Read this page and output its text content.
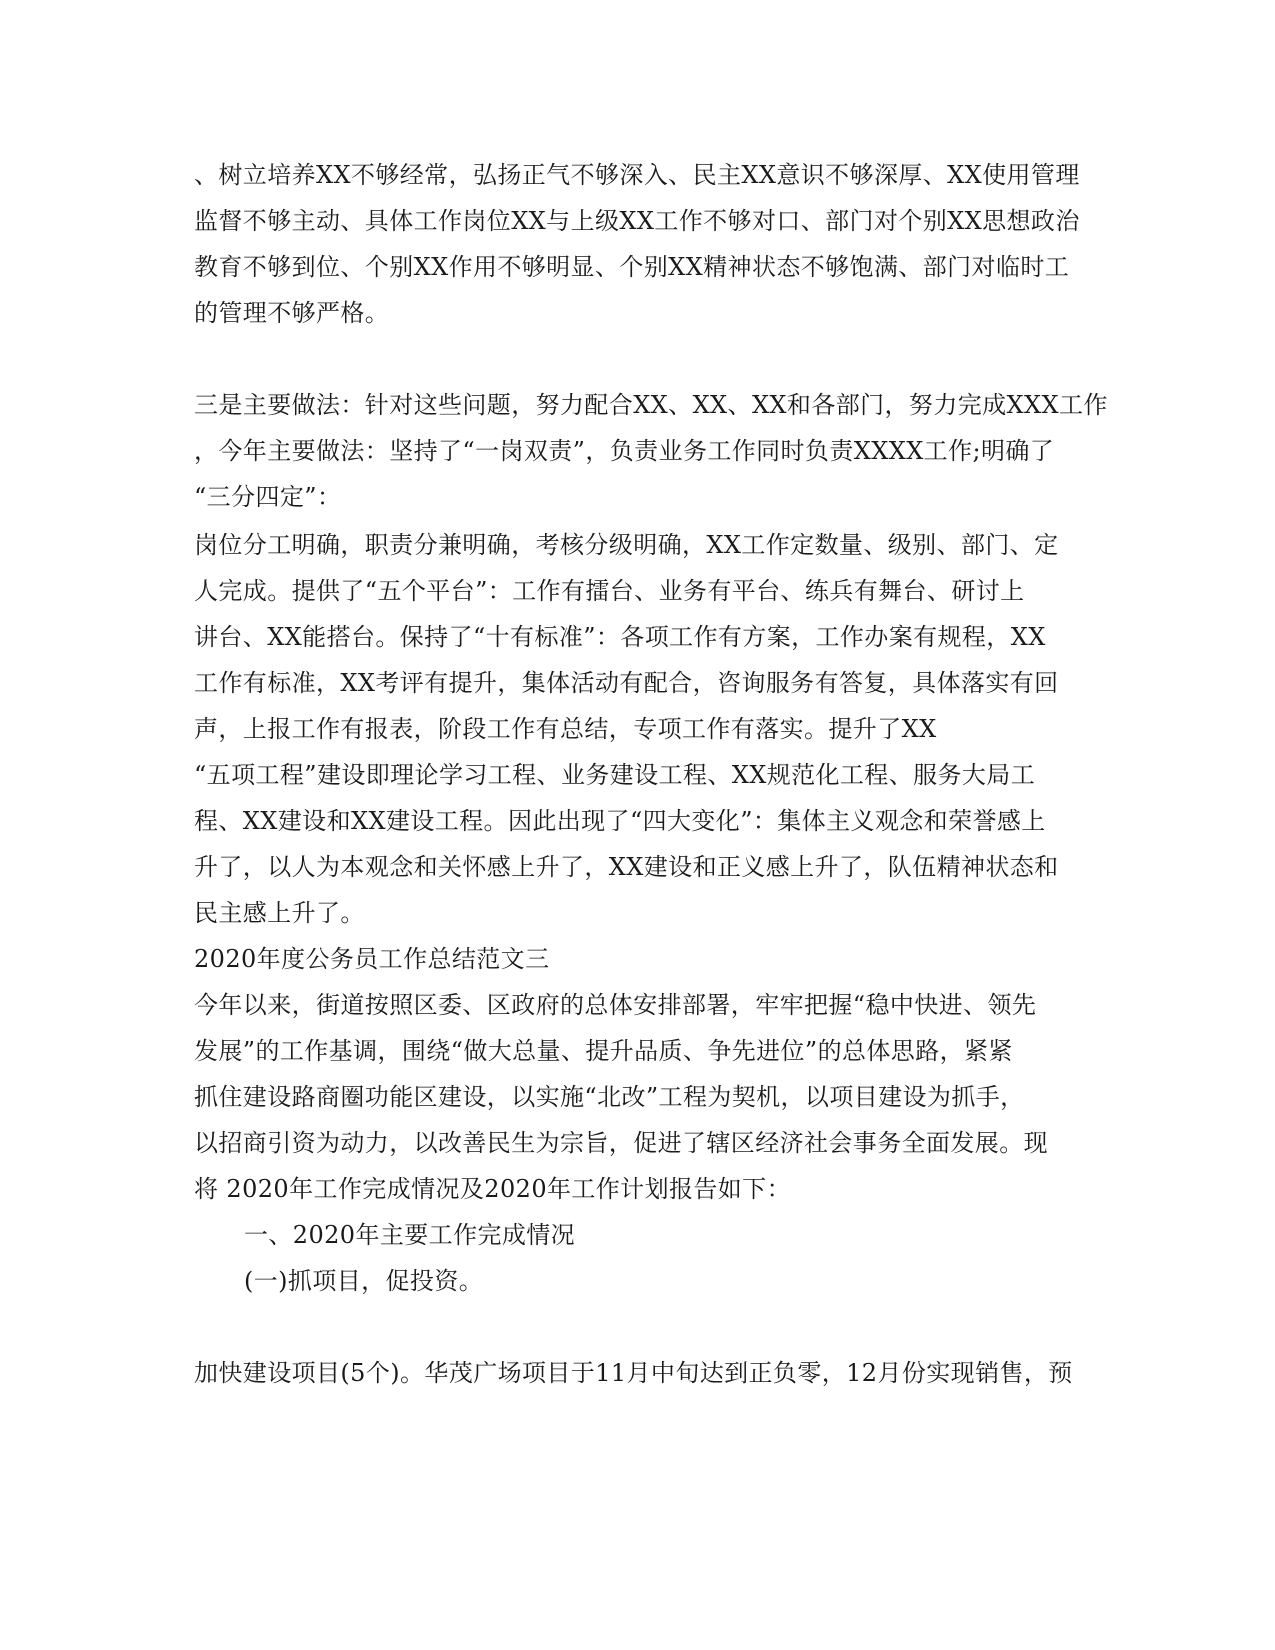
、树立培养XX不够经常，弘扬正气不够深入、民主XX意识不够深厚、XX使用管理
监督不够主动、具体工作岗位XX与上级XX工作不够对口、部门对个别XX思想政治
教育不够到位、个别XX作用不够明显、个别XX精神状态不够饱满、部门对临时工
的管理不够严格。
三是主要做法：针对这些问题，努力配合XX、XX、XX和各部门，努力完成XXX工作
，今年主要做法：坚持了“一岗双责”，负责业务工作同时负责XXXX工作;明确了
“三分四定”：
岗位分工明确，职责分兼明确，考核分级明确，XX工作定数量、级别、部门、定
人完成。提供了“五个平台”：工作有擂台、业务有平台、练兵有舞台、研讨上
讲台、XX能搭台。保持了“十有标准”：各项工作有方案，工作办案有规程，XX
工作有标准，XX考评有提升，集体活动有配合，咨询服务有答复，具体落实有回
声，上报工作有报表，阶段工作有总结，专项工作有落实。提升了XX
“五项工程”建设即理论学习工程、业务建设工程、XX规范化工程、服务大局工
程、XX建设和XX建设工程。因此出现了“四大变化”：集体主义观念和荣誉感上
升了，以人为本观念和关怀感上升了，XX建设和正义感上升了，队伍精神状态和
民主感上升了。
2020年度公务员工作总结范文三
今年以来，街道按照区委、区政府的总体安排部署，牢牢把握“稳中快进、领先
发展”的工作基调，围绕“做大总量、提升品质、争先进位”的总体思路，紧紧
抓住建设路商圈功能区建设，以实施“北改”工程为契机，以项目建设为抓手，
以招商引资为动力，以改善民生为宗旨，促进了辖区经济社会事务全面发展。现
将 2020年工作完成情况及2020年工作计划报告如下：
一、2020年主要工作完成情况
(一)抓项目，促投资。
加快建设项目(5个)。华茂广场项目于11月中旬达到正负零，12月份实现销售，预
